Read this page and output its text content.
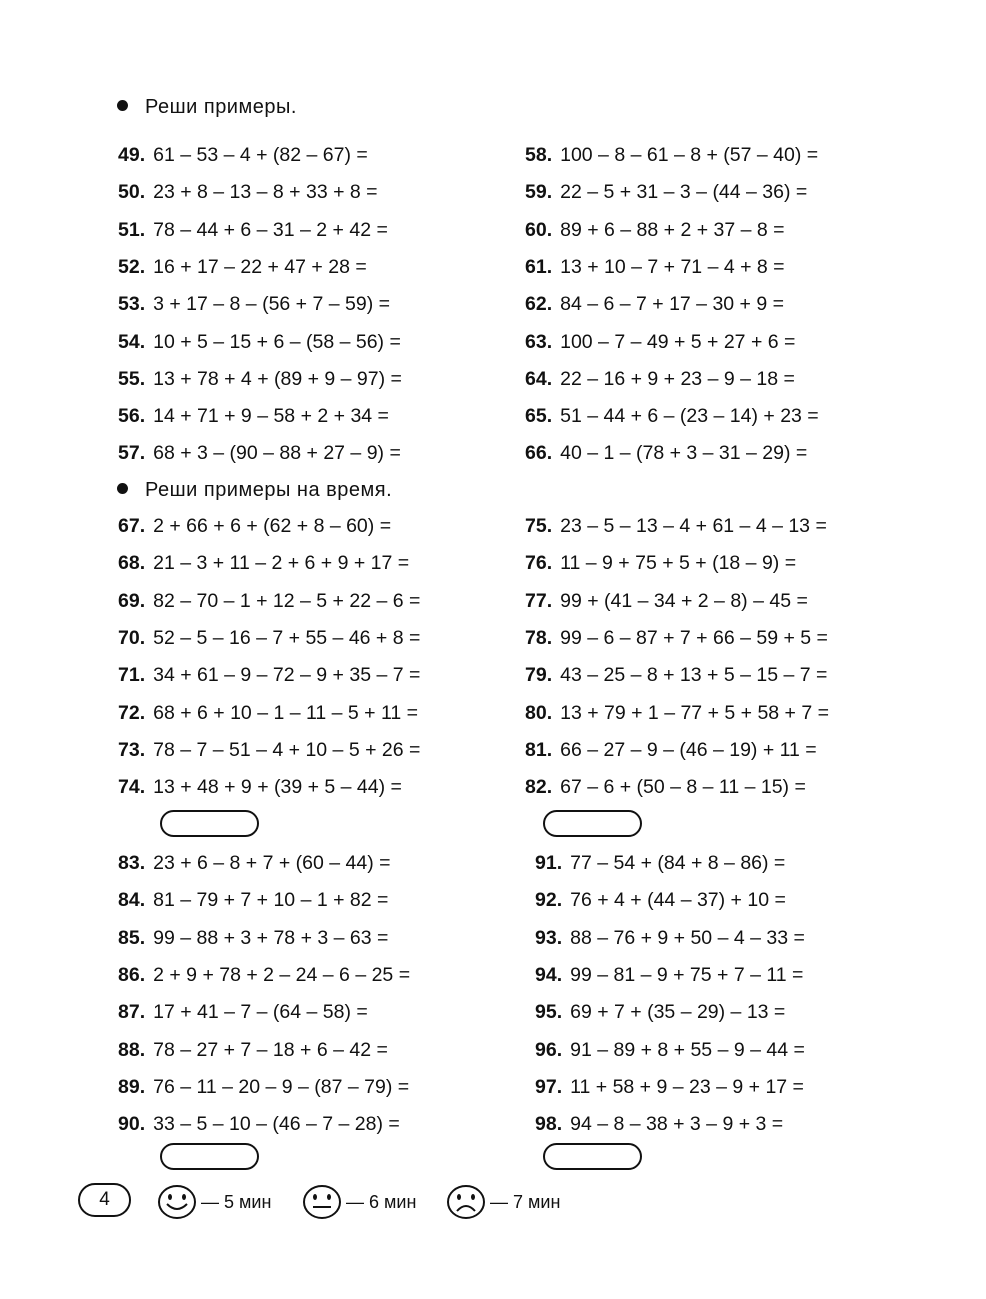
Реши примеры.
Реши примеры на время.
49. 61 – 53 – 4 + (82 – 67) =
50. 23 + 8 – 13 – 8 + 33 + 8 =
51. 78 – 44 + 6 – 31 – 2 + 42 =
52. 16 + 17 – 22 + 47 + 28 =
53. 3 + 17 – 8 – (56 + 7 – 59) =
54. 10 + 5 – 15 + 6 – (58 – 56) =
55. 13 + 78 + 4 + (89 + 9 – 97) =
56. 14 + 71 + 9 – 58 + 2 + 34 =
57. 68 + 3 – (90 – 88 + 27 – 9) =
58. 100 – 8 – 61 – 8 + (57 – 40) =
59. 22 – 5 + 31 – 3 – (44 – 36) =
60. 89 + 6 – 88 + 2 + 37 – 8 =
61. 13 + 10 – 7 + 71 – 4 + 8 =
62. 84 – 6 – 7 + 17 – 30 + 9 =
63. 100 – 7 – 49 + 5 + 27 + 6 =
64. 22 – 16 + 9 + 23 – 9 – 18 =
65. 51 – 44 + 6 – (23 – 14) + 23 =
66. 40 – 1 – (78 + 3 – 31 – 29) =
67. 2 + 66 + 6 + (62 + 8 – 60) =
68. 21 – 3 + 11 – 2 + 6 + 9 + 17 =
69. 82 – 70 – 1 + 12 – 5 + 22 – 6 =
70. 52 – 5 – 16 – 7 + 55 – 46 + 8 =
71. 34 + 61 – 9 – 72 – 9 + 35 – 7 =
72. 68 + 6 + 10 – 1 – 11 – 5 + 11 =
73. 78 – 7 – 51 – 4 + 10 – 5 + 26 =
74. 13 + 48 + 9 + (39 + 5 – 44) =
75. 23 – 5 – 13 – 4 + 61 – 4 – 13 =
76. 11 – 9 + 75 + 5 + (18 – 9) =
77. 99 + (41 – 34 + 2 – 8) – 45 =
78. 99 – 6 – 87 + 7 + 66 – 59 + 5 =
79. 43 – 25 – 8 + 13 + 5 – 15 – 7 =
80. 13 + 79 + 1 – 77 + 5 + 58 + 7 =
81. 66 – 27 – 9 – (46 – 19) + 11 =
82. 67 – 6 + (50 – 8 – 11 – 15) =
83. 23 + 6 – 8 + 7 + (60 – 44) =
84. 81 – 79 + 7 + 10 – 1 + 82 =
85. 99 – 88 + 3 + 78 + 3 – 63 =
86. 2 + 9 + 78 + 2 – 24 – 6 – 25 =
87. 17 + 41 – 7 – (64 – 58) =
88. 78 – 27 + 7 – 18 + 6 – 42 =
89. 76 – 11 – 20 – 9 – (87 – 79) =
90. 33 – 5 – 10 – (46 – 7 – 28) =
91. 77 – 54 + (84 + 8 – 86) =
92. 76 + 4 + (44 – 37) + 10 =
93. 88 – 76 + 9 + 50 – 4 – 33 =
94. 99 – 81 – 9 + 75 + 7 – 11 =
95. 69 + 7 + (35 – 29) – 13 =
96. 91 – 89 + 8 + 55 – 9 – 44 =
97. 11 + 58 + 9 – 23 – 9 + 17 =
98. 94 – 8 – 38 + 3 – 9 + 3 =
4	— 5 мин	— 6 мин	— 7 мин
